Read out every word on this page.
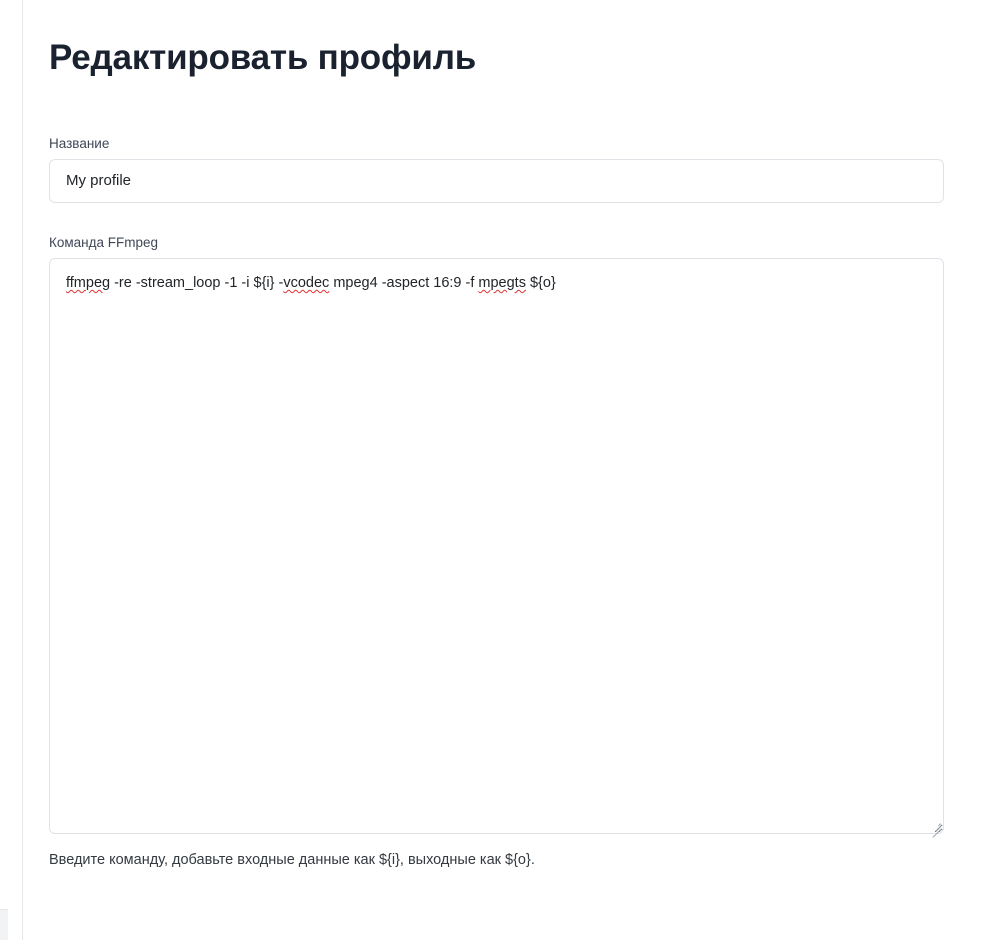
Редактировать профиль
Название
My profile
Команда FFmpeg
ffmpeg -re -stream_loop -1 -i ${i} -vcodec mpeg4 -aspect 16:9 -f mpegts ${o}
Введите команду, добавьте входные данные как ${i}, выходные как ${o}.
